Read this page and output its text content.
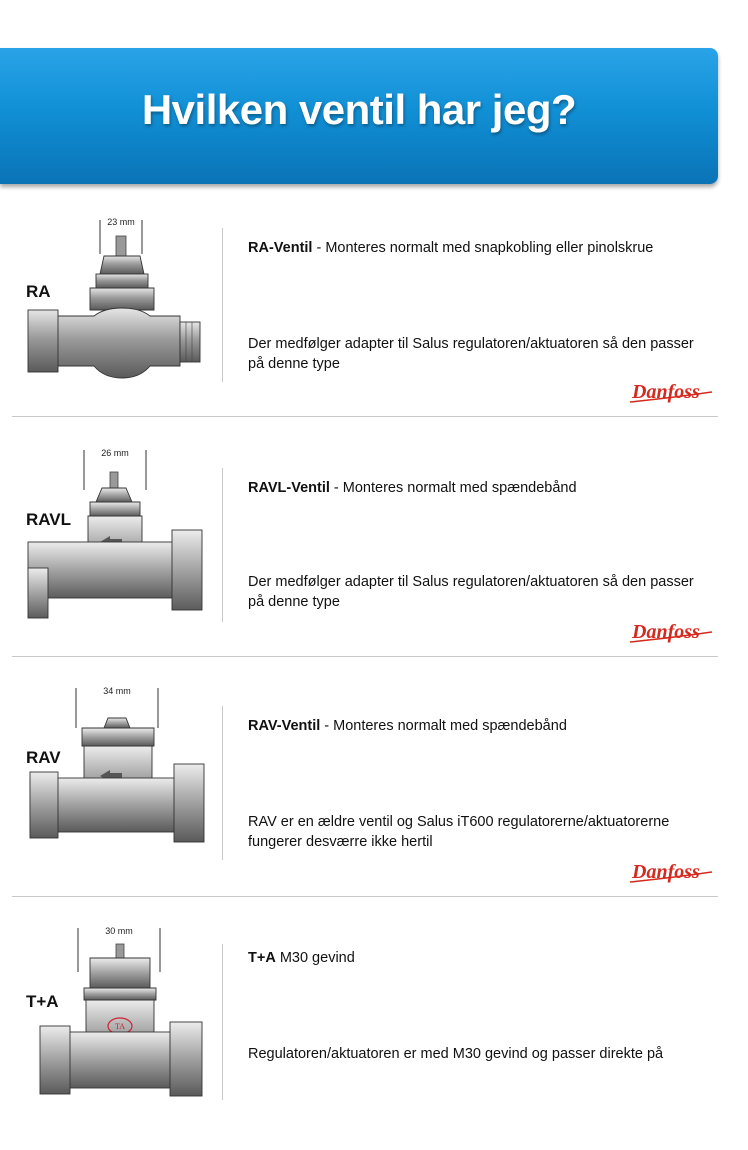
Hvilken ventil har jeg?
RA
23 mm
RA-Ventil - Monteres normalt med snapkobling eller pinolskrue
Der medfølger adapter til Salus regulatoren/aktuatoren så den passer på denne type
Danfoss
RAVL
26 mm
RAVL-Ventil - Monteres normalt med spændebånd
Der medfølger adapter til Salus regulatoren/aktuatoren så den passer på denne type
Danfoss
RAV
34 mm
RAV-Ventil - Monteres normalt med spændebånd
RAV er en ældre ventil og Salus iT600 regulatorerne/aktuatorerne fungerer desværre ikke hertil
Danfoss
T+A
30 mm
TA
T+A M30 gevind
Regulatoren/aktuatoren er med M30 gevind og passer direkte på
